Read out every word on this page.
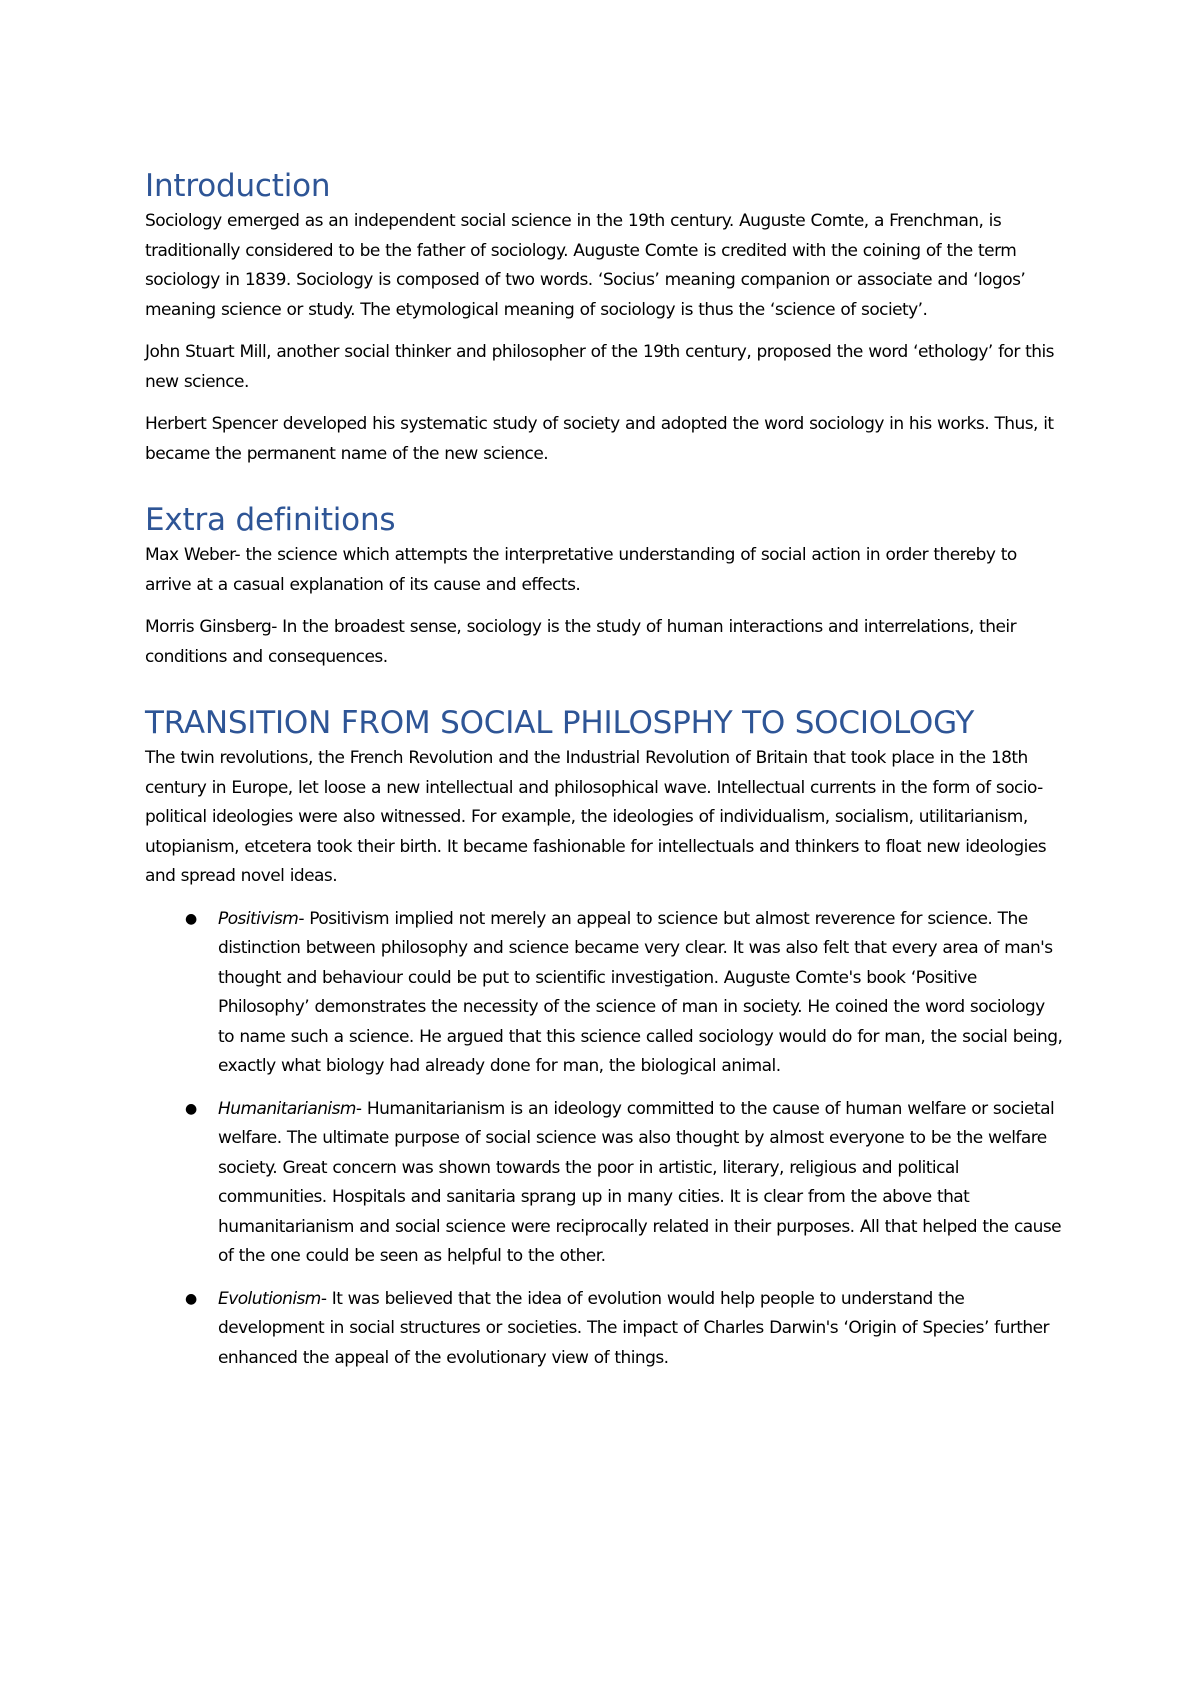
Introduction

Sociology emerged as an independent social science in the 19th century. Auguste Comte, a Frenchman, is traditionally considered to be the father of sociology. Auguste Comte is credited with the coining of the term sociology in 1839. Sociology is composed of two words. ‘Socius’ meaning companion or associate and ‘logos’ meaning science or study. The etymological meaning of sociology is thus the ‘science of society’.

John Stuart Mill, another social thinker and philosopher of the 19th century, proposed the word ‘ethology’ for this new science.

Herbert Spencer developed his systematic study of society and adopted the word sociology in his works. Thus, it became the permanent name of the new science.

Extra definitions

Max Weber- the science which attempts the interpretative understanding of social action in order thereby to arrive at a casual explanation of its cause and effects.

Morris Ginsberg- In the broadest sense, sociology is the study of human interactions and interrelations, their conditions and consequences.

TRANSITION FROM SOCIAL PHILOSPHY TO SOCIOLOGY

The twin revolutions, the French Revolution and the Industrial Revolution of Britain that took place in the 18th century in Europe, let loose a new intellectual and philosophical wave. Intellectual currents in the form of socio-political ideologies were also witnessed. For example, the ideologies of individualism, socialism, utilitarianism, utopianism, etcetera took their birth. It became fashionable for intellectuals and thinkers to float new ideologies and spread novel ideas.

● Positivism- Positivism implied not merely an appeal to science but almost reverence for science. The distinction between philosophy and science became very clear. It was also felt that every area of man's thought and behaviour could be put to scientific investigation. Auguste Comte's book ‘Positive Philosophy’ demonstrates the necessity of the science of man in society. He coined the word sociology to name such a science. He argued that this science called sociology would do for man, the social being, exactly what biology had already done for man, the biological animal.
● Humanitarianism- Humanitarianism is an ideology committed to the cause of human welfare or societal welfare. The ultimate purpose of social science was also thought by almost everyone to be the welfare society. Great concern was shown towards the poor in artistic, literary, religious and political communities. Hospitals and sanitaria sprang up in many cities. It is clear from the above that humanitarianism and social science were reciprocally related in their purposes. All that helped the cause of the one could be seen as helpful to the other.
● Evolutionism- It was believed that the idea of evolution would help people to understand the development in social structures or societies. The impact of Charles Darwin's ‘Origin of Species’ further enhanced the appeal of the evolutionary view of things.
